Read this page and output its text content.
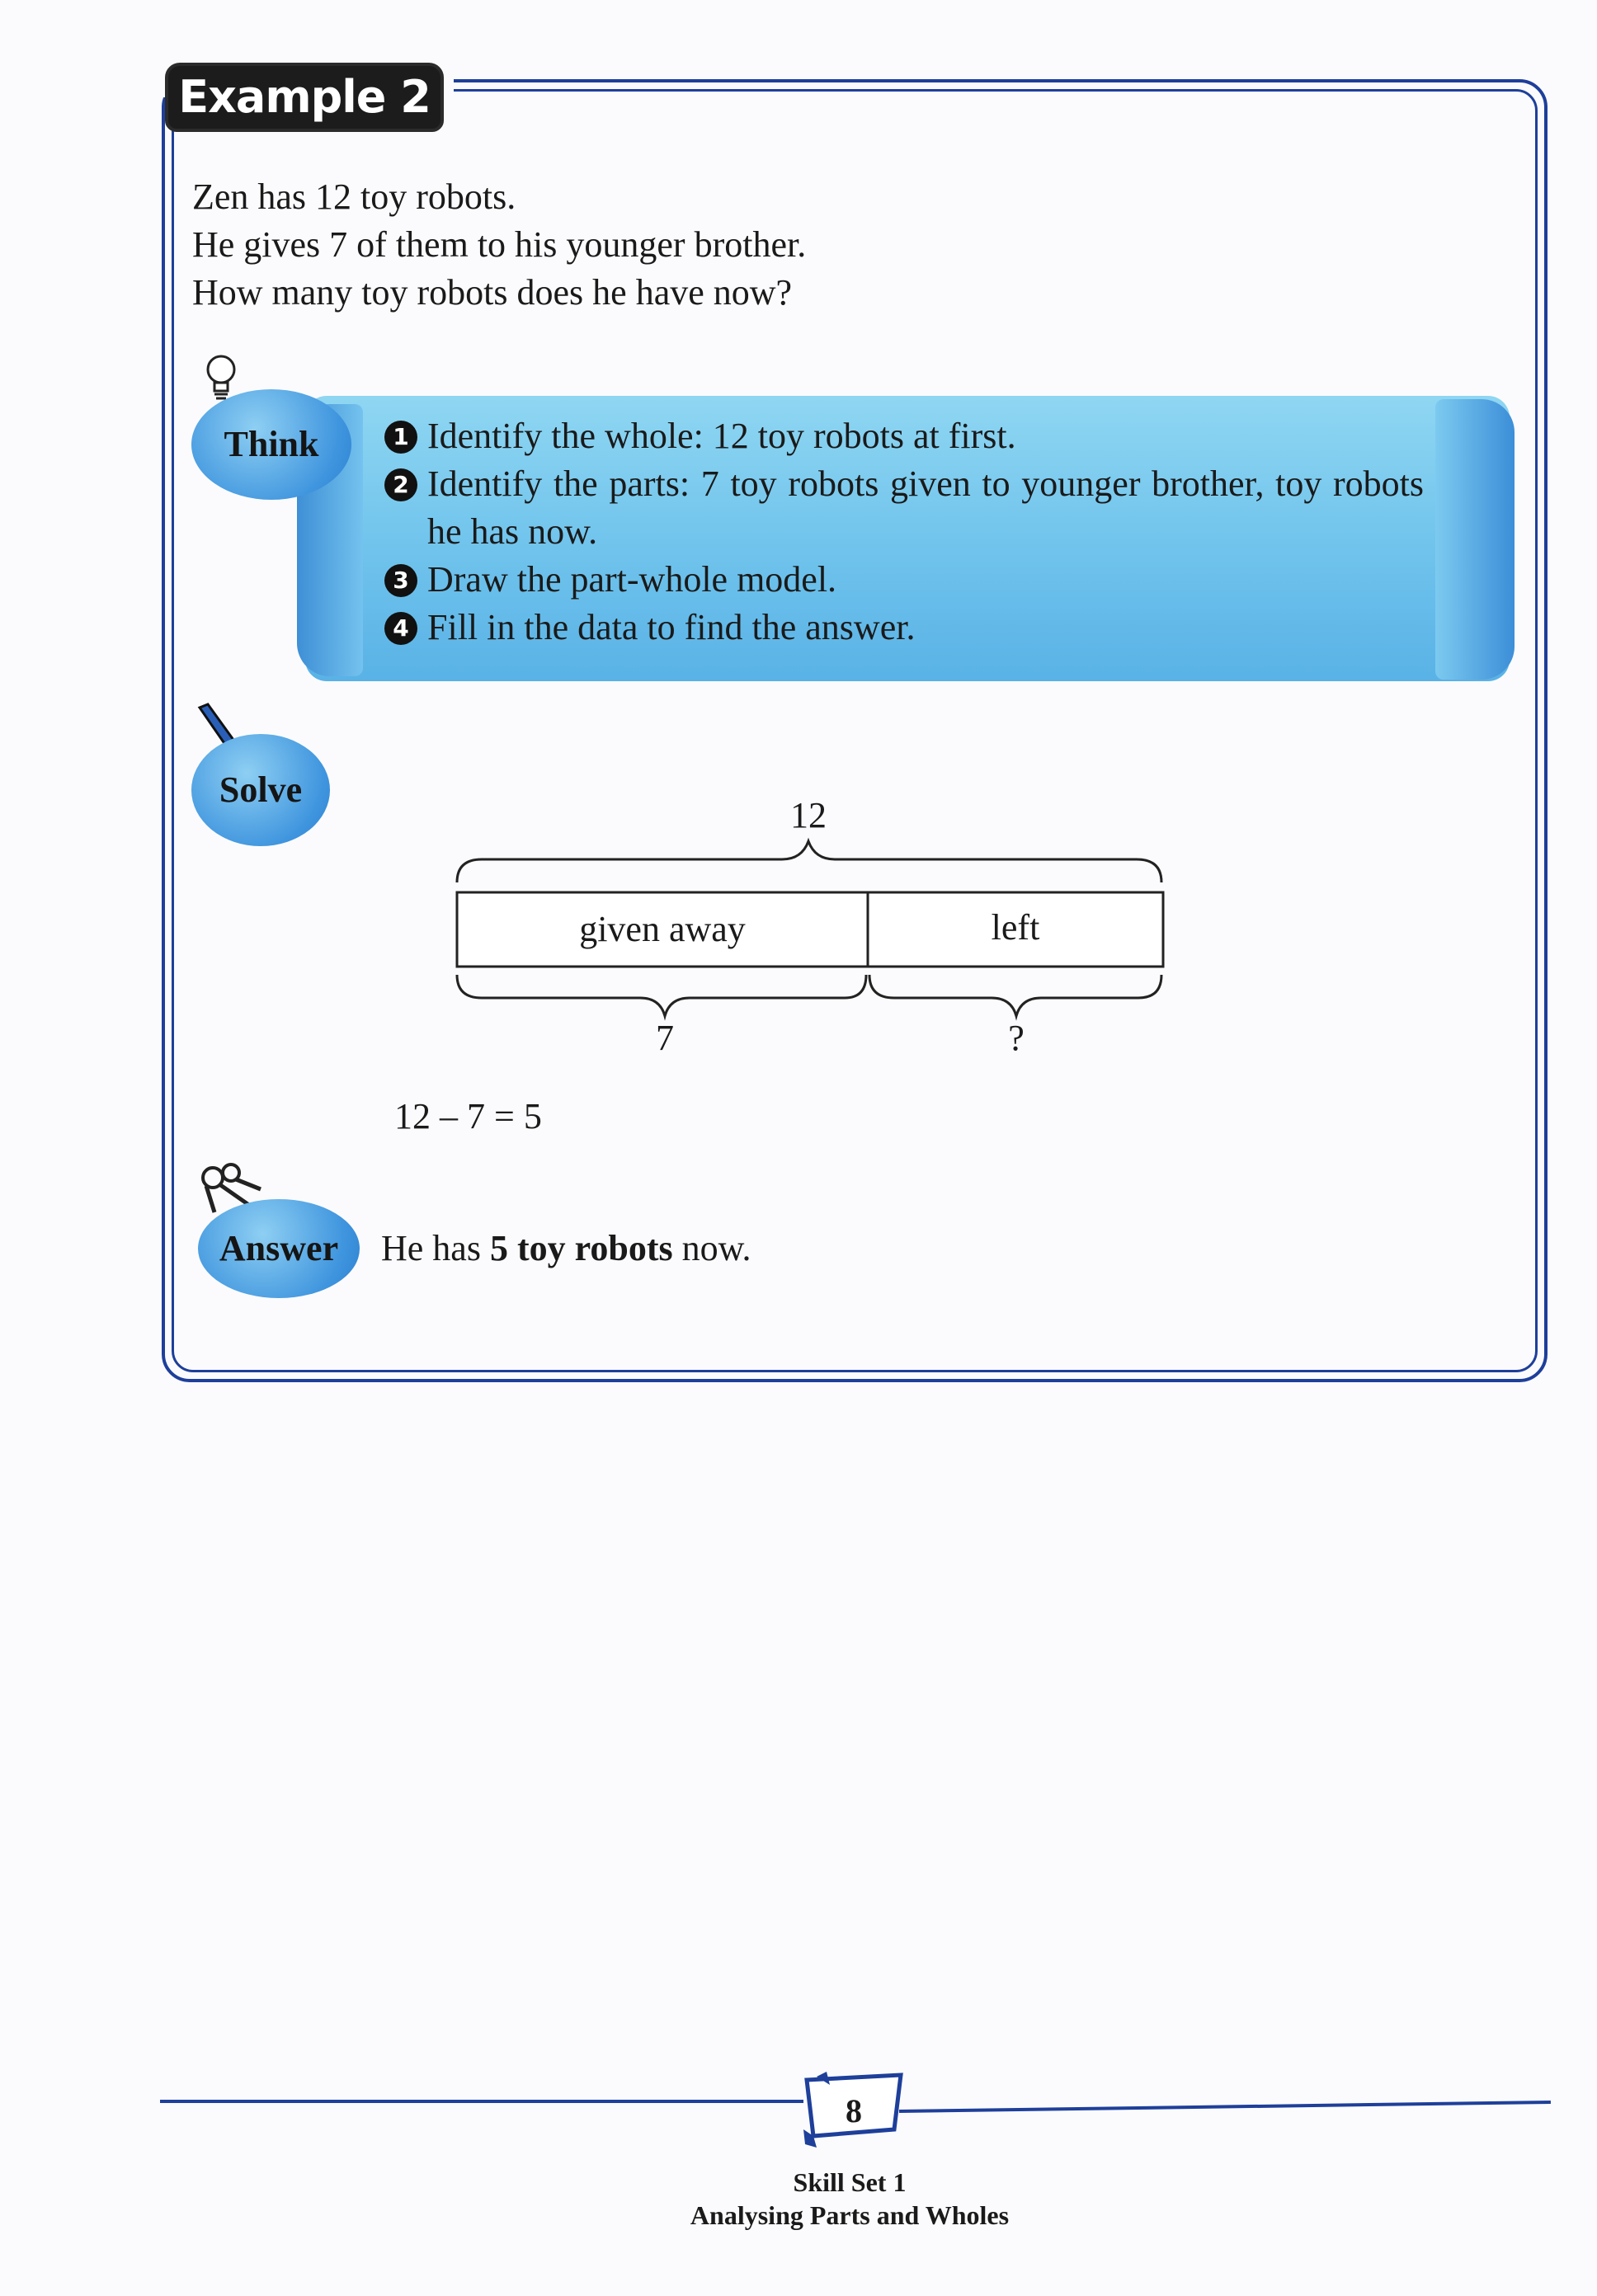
Example 2
Zen has 12 toy robots.
He gives 7 of them to his younger brother.
How many toy robots does he have now?
Think	1 Identify the whole: 12 toy robots at first.
2 Identify the parts: 7 toy robots given to younger brother, toy robots he has now.
3 Draw the part-whole model.
4 Fill in the data to find the answer.
Solve
12
given away	left
7	?
12 – 7 = 5
Answer	He has 5 toy robots now.
8
Skill Set 1
Analysing Parts and Wholes
